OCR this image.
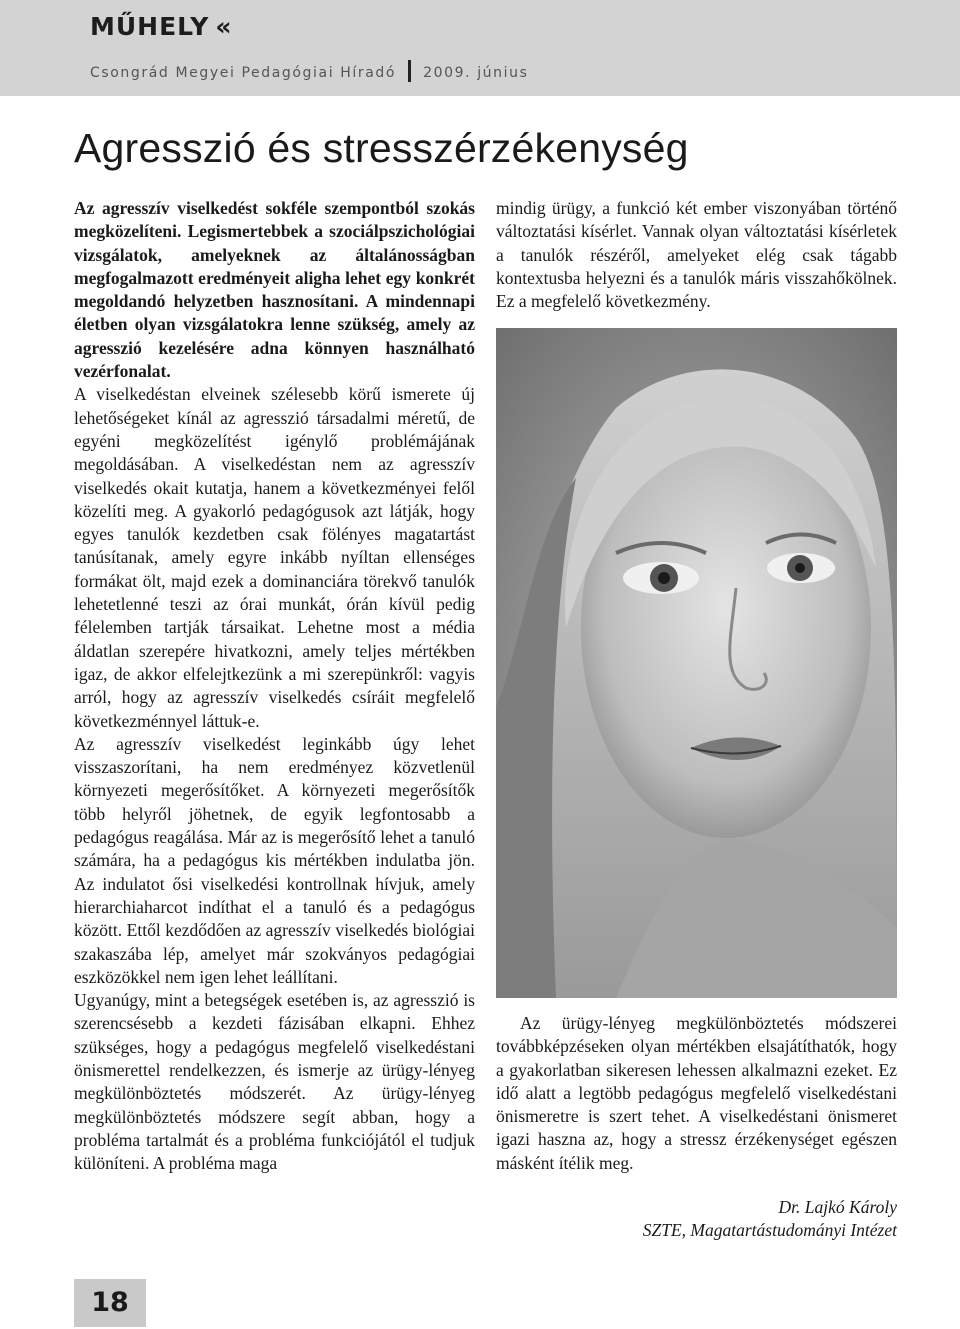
MŰHELY «
Csongrád Megyei Pedagógiai Híradó 2009. június
Agresszió és stresszérzékenység

Az agresszív viselkedést sokféle szempontból szokás megközelíteni. Legismertebbek a szociálpszichológiai vizsgálatok, amelyeknek az általánosságban megfogalmazott eredményeit aligha lehet egy konkrét megoldandó helyzetben hasznosítani. A mindennapi életben olyan vizsgálatokra lenne szükség, amely az agresszió kezelésére adna könnyen használható vezérfonalat.

A viselkedéstan elveinek szélesebb körű ismerete új lehetőségeket kínál az agresszió társadalmi méretű, de egyéni megközelítést igénylő problémájának megoldásában. A viselkedéstan nem az agresszív viselkedés okait kutatja, hanem a következményei felől közelíti meg. A gyakorló pedagógusok azt látják, hogy egyes tanulók kezdetben csak fölényes magatartást tanúsítanak, amely egyre inkább nyíltan ellenséges formákat ölt, majd ezek a dominanciára törekvő tanulók lehetetlenné teszi az órai munkát, órán kívül pedig félelemben tartják társaikat. Lehetne most a média áldatlan szerepére hivatkozni, amely teljes mértékben igaz, de akkor elfelejtkezünk a mi szerepünkről: vagyis arról, hogy az agresszív viselkedés csíráit megfelelő következménnyel láttuk-e.

Az agresszív viselkedést leginkább úgy lehet visszaszorítani, ha nem eredményez közvetlenül környezeti megerősítőket. A környezeti megerősítők több helyről jöhetnek, de egyik legfontosabb a pedagógus reagálása. Már az is megerősítő lehet a tanuló számára, ha a pedagógus kis mértékben indulatba jön. Az indulatot ősi viselkedési kontrollnak hívjuk, amely hierarchiaharcot indíthat el a tanuló és a pedagógus között. Ettől kezdődően az agresszív viselkedés biológiai szakaszába lép, amelyet már szokványos pedagógiai eszközökkel nem igen lehet leállítani.

Ugyanúgy, mint a betegségek esetében is, az agresszió is szerencsésebb a kezdeti fázisában elkapni. Ehhez szükséges, hogy a pedagógus megfelelő viselkedéstani önismerettel rendelkezzen, és ismerje az ürügy-lényeg megkülönböztetés módszerét. Az ürügy-lényeg megkülönböztetés módszere segít abban, hogy a probléma tartalmát és a probléma funkciójától el tudjuk különíteni. A probléma maga

mindig ürügy, a funkció két ember viszonyában történő változtatási kísérlet. Vannak olyan változtatási kísérletek a tanulók részéről, amelyeket elég csak tágabb kontextusba helyezni és a tanulók máris visszahőkölnek. Ez a megfelelő következmény.

Az ürügy-lényeg megkülönböztetés módszerei továbbképzéseken olyan mértékben elsajátíthatók, hogy a gyakorlatban sikeresen lehessen alkalmazni ezeket. Ez idő alatt a legtöbb pedagógus megfelelő viselkedéstani önismeretre is szert tehet. A viselkedéstani önismeret igazi haszna az, hogy a stressz érzékenységet egészen másként ítélik meg.

Dr. Lajkó Károly
SZTE, Magatartástudományi Intézet
18
